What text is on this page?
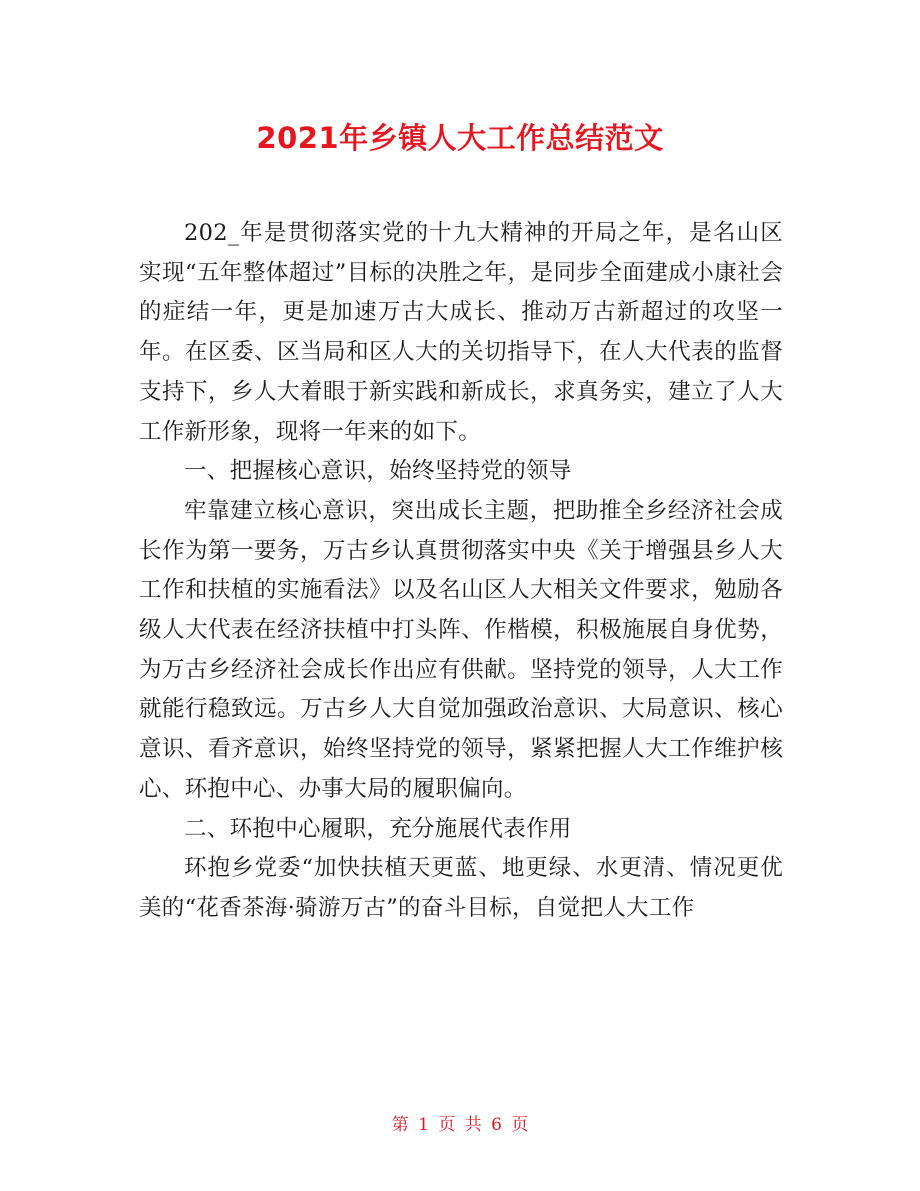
2021年乡镇人大工作总结范文

202_年是贯彻落实党的十九大精神的开局之年，是名山区实现“五年整体超过”目标的决胜之年，是同步全面建成小康社会的症结一年，更是加速万古大成长、推动万古新超过的攻坚一年。在区委、区当局和区人大的关切指导下，在人大代表的监督支持下，乡人大着眼于新实践和新成长，求真务实，建立了人大工作新形象，现将一年来的如下。

一、把握核心意识，始终坚持党的领导

牢靠建立核心意识，突出成长主题，把助推全乡经济社会成长作为第一要务，万古乡认真贯彻落实中央《关于增强县乡人大工作和扶植的实施看法》以及名山区人大相关文件要求，勉励各级人大代表在经济扶植中打头阵、作楷模，积极施展自身优势，为万古乡经济社会成长作出应有供献。坚持党的领导，人大工作就能行稳致远。万古乡人大自觉加强政治意识、大局意识、核心意识、看齐意识，始终坚持党的领导，紧紧把握人大工作维护核心、环抱中心、办事大局的履职偏向。

二、环抱中心履职，充分施展代表作用

环抱乡党委“加快扶植天更蓝、地更绿、水更清、情况更优美的“花香茶海·骑游万古”的奋斗目标，自觉把人大工作

第 1 页 共 6 页
